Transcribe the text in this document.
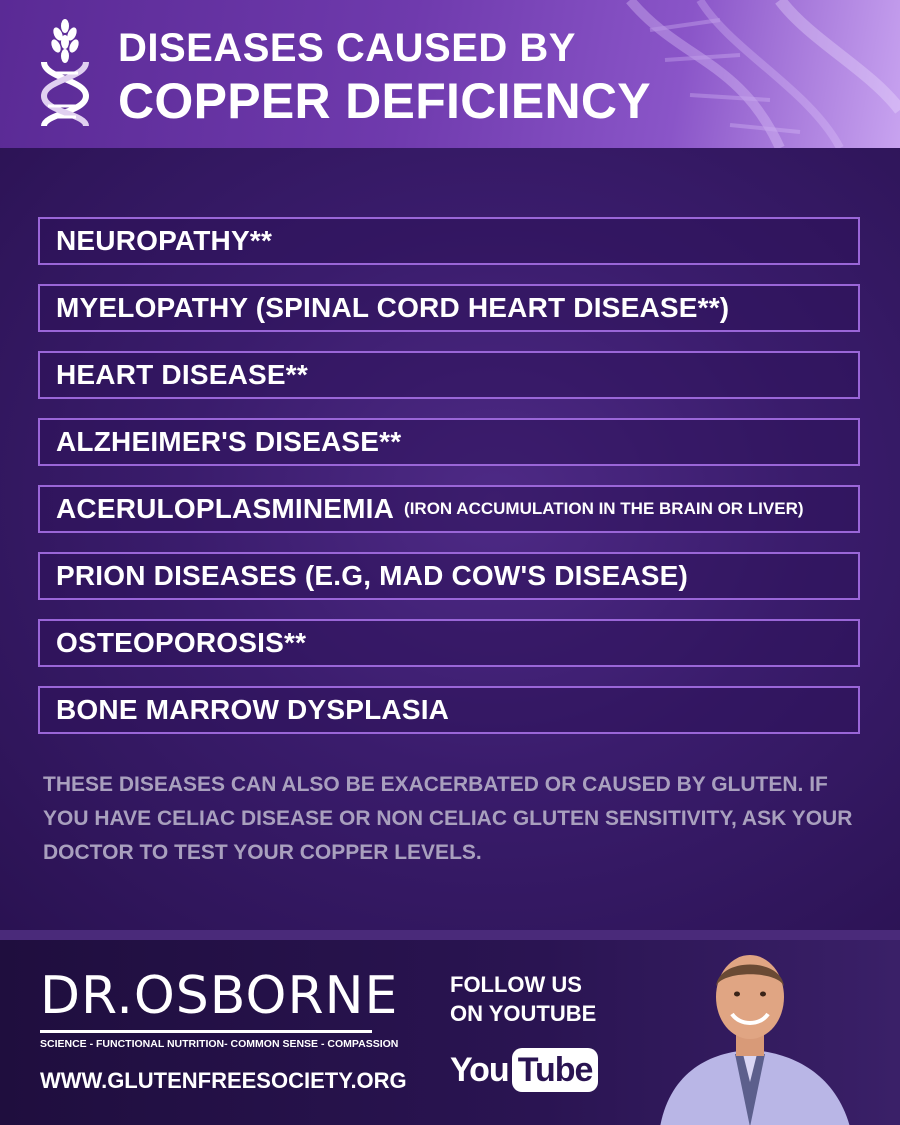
DISEASES CAUSED BY
COPPER DEFICIENCY
NEUROPATHY**
MYELOPATHY (SPINAL CORD HEART DISEASE**)
HEART DISEASE**
ALZHEIMER'S DISEASE**
ACERULOPLASMINEMIA (IRON ACCUMULATION IN THE BRAIN OR LIVER)
PRION DISEASES (E.G, MAD COW'S DISEASE)
OSTEOPOROSIS**
BONE MARROW DYSPLASIA
THESE DISEASES CAN ALSO BE EXACERBATED OR CAUSED BY GLUTEN. IF YOU HAVE CELIAC DISEASE OR NON CELIAC GLUTEN SENSITIVITY, ASK YOUR DOCTOR TO TEST YOUR COPPER LEVELS.
DR.OSBORNE
SCIENCE - FUNCTIONAL NUTRITION- COMMON SENSE - COMPASSION
WWW.GLUTENFREESOCIETY.ORG
FOLLOW US
ON YOUTUBE
You Tube
